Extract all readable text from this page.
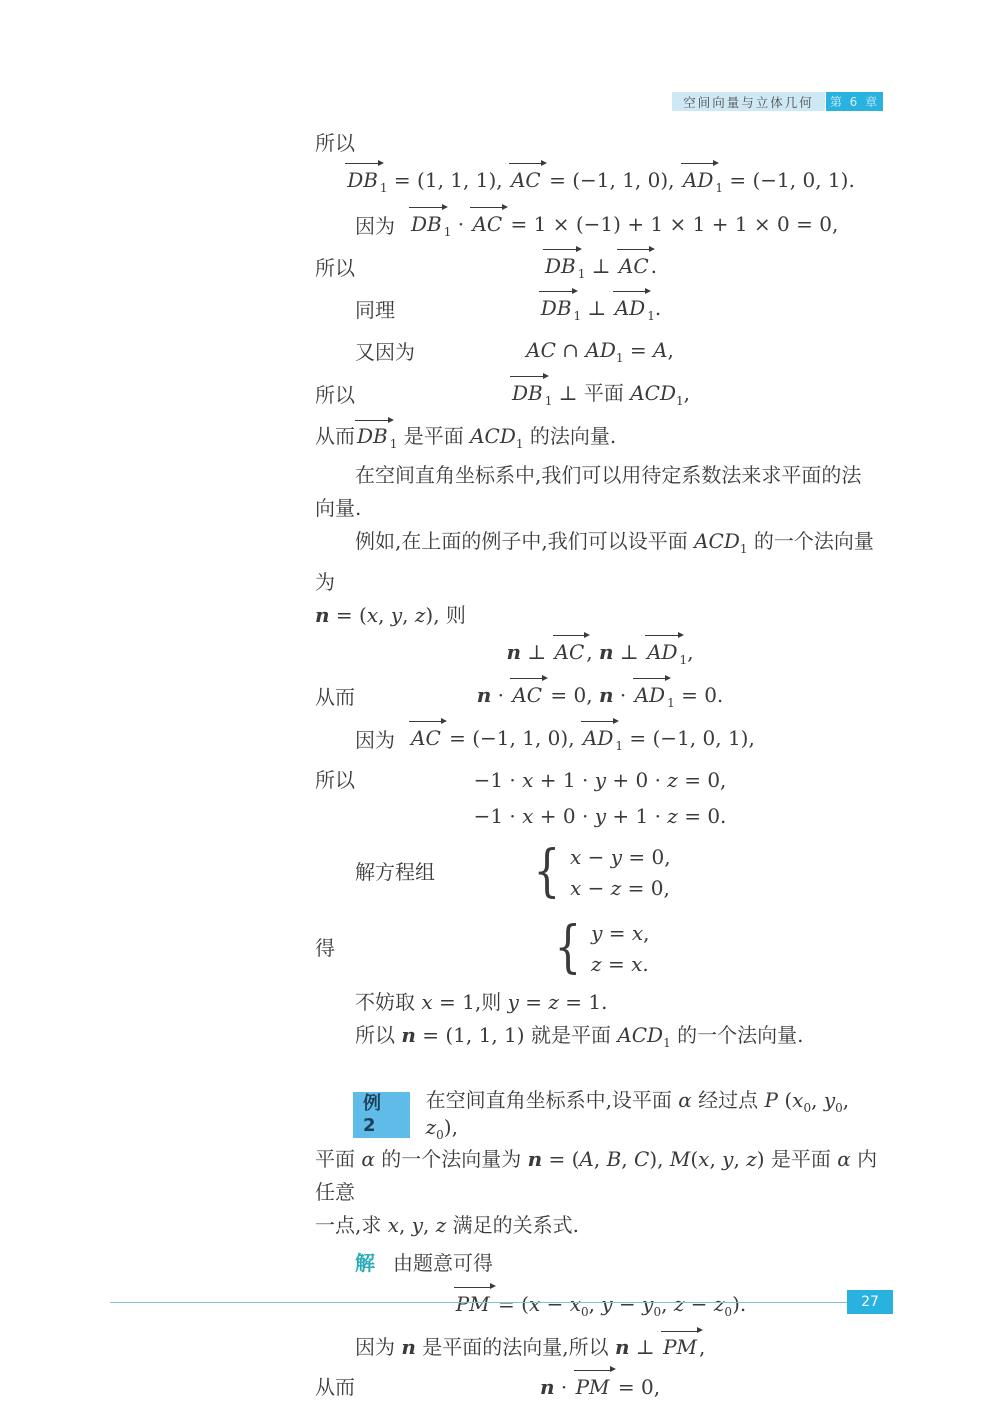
空间向量与立体几何 第 6 章
所以
DB $_1$ = (1, 1, 1), AC = (−1, 1, 0), AD $_1$ = (−1, 0, 1).
因为 DB $_1$ · AC = 1 × (−1) + 1 × 1 + 1 × 0 = 0,
所以	DB $_1$ ⊥ AC .
同理	DB $_1$ ⊥ AD $_1$.
又因为	AC ∩ $AD_1 = A$,
所以	DB $_1$ ⊥ 平面 $ACD_1$,
从而 DB $_1$ 是平面 $ACD_1$ 的法向量.
在空间直角坐标系中,我们可以用待定系数法来求平面的法
向量.
例如,在上面的例子中,我们可以设平面 $ACD_1$ 的一个法向量为
n = (x, y, z), 则
n ⊥ AC , n ⊥ AD $_1$,
从而	n · AC = 0, n · AD $_1$ = 0.
因为 AC = (−1, 1, 0), AD $_1$ = (−1, 0, 1),
所以	−1 · x + 1 · y + 0 · z = 0,
−1 · x + 0 · y + 1 · z = 0.
解方程组 { x − y = 0,
x − z = 0,
得	{ y = x,
z = x.
不妨取 x = 1,则 y = z = 1.
所以 n = (1, 1, 1) 就是平面 $ACD_1$ 的一个法向量.
例 2
在空间直角坐标系中,设平面 α 经过点 P ($x_0$, $y_0$, $z_0$),
平面 α 的一个法向量为 n = (A, B, C), M(x, y, z) 是平面 α 内任意
一点,求 x, y, z 满足的关系式.
解 由题意可得
PM = ($x - x_0$, $y - y_0$, $z - z_0$).
因为 n 是平面的法向量,所以 n ⊥ PM ,
从而	n · PM = 0,
27
